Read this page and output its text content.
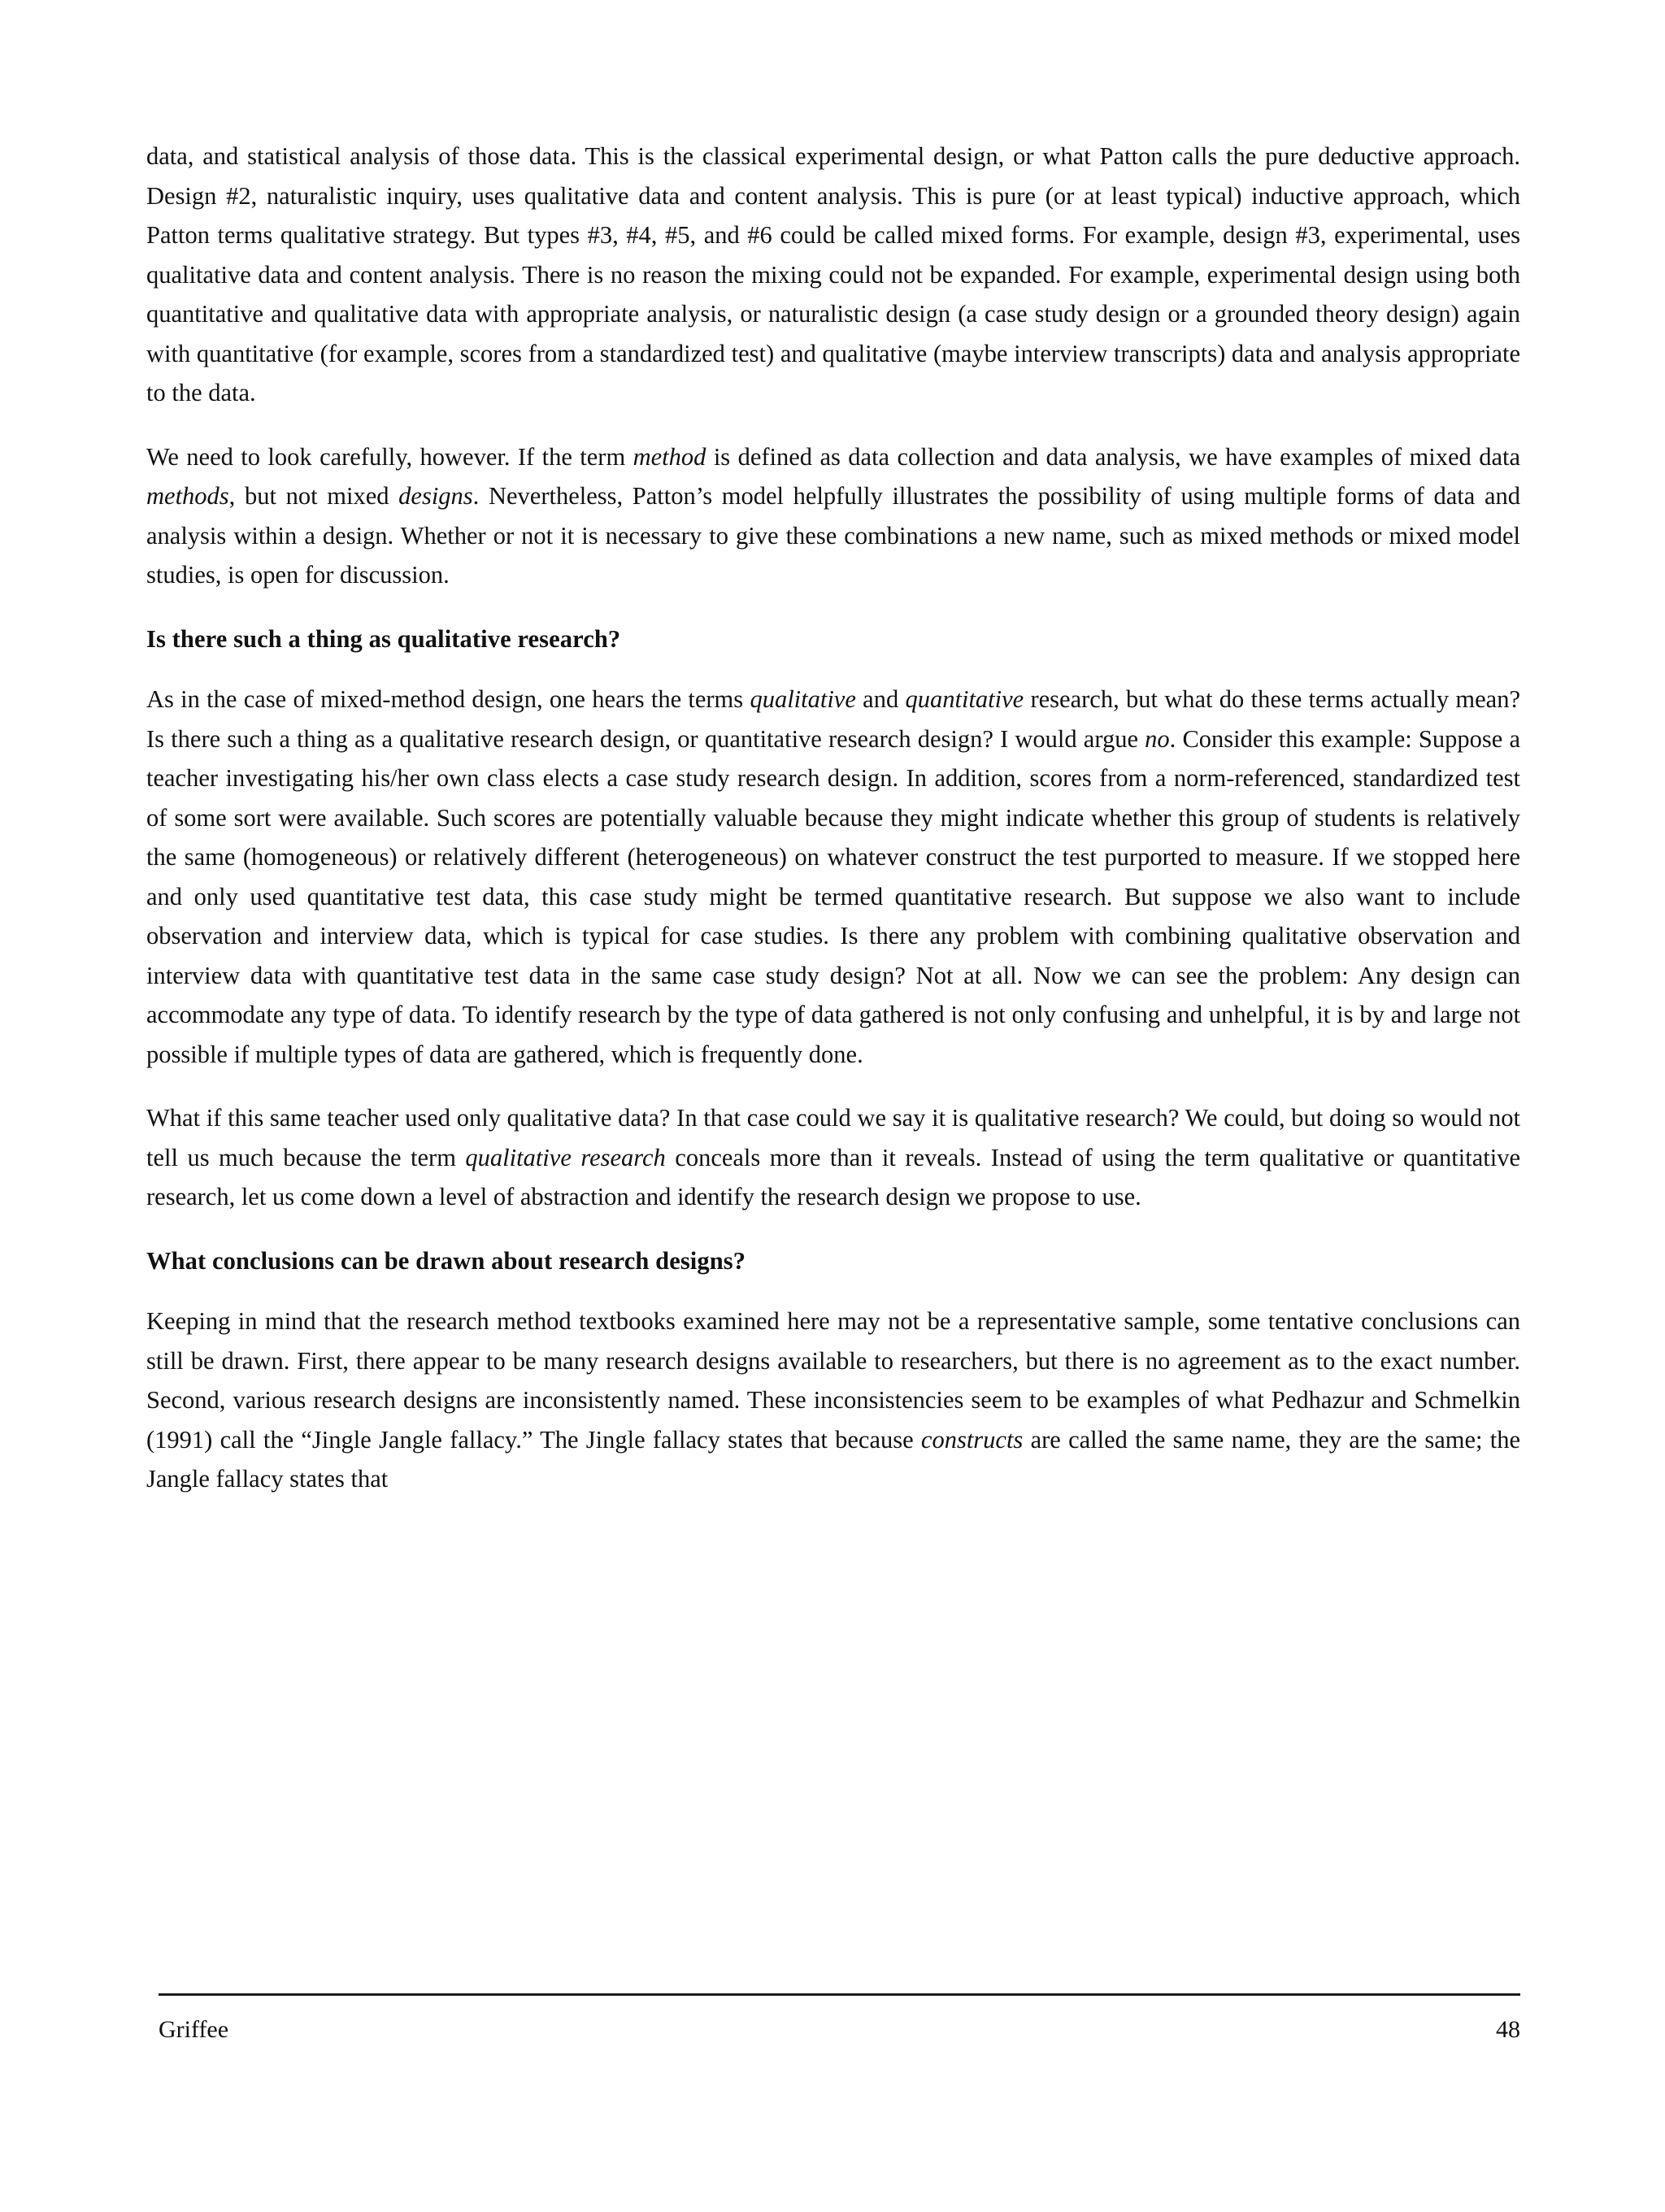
data, and statistical analysis of those data. This is the classical experimental design, or what Patton calls the pure deductive approach. Design #2, naturalistic inquiry, uses qualitative data and content analysis. This is pure (or at least typical) inductive approach, which Patton terms qualitative strategy. But types #3, #4, #5, and #6 could be called mixed forms. For example, design #3, experimental, uses qualitative data and content analysis. There is no reason the mixing could not be expanded. For example, experimental design using both quantitative and qualitative data with appropriate analysis, or naturalistic design (a case study design or a grounded theory design) again with quantitative (for example, scores from a standardized test) and qualitative (maybe interview transcripts) data and analysis appropriate to the data.

We need to look carefully, however. If the term method is defined as data collection and data analysis, we have examples of mixed data methods, but not mixed designs. Nevertheless, Patton’s model helpfully illustrates the possibility of using multiple forms of data and analysis within a design. Whether or not it is necessary to give these combinations a new name, such as mixed methods or mixed model studies, is open for discussion.

Is there such a thing as qualitative research?

As in the case of mixed-method design, one hears the terms qualitative and quantitative research, but what do these terms actually mean? Is there such a thing as a qualitative research design, or quantitative research design? I would argue no. Consider this example: Suppose a teacher investigating his/her own class elects a case study research design. In addition, scores from a norm-referenced, standardized test of some sort were available. Such scores are potentially valuable because they might indicate whether this group of students is relatively the same (homogeneous) or relatively different (heterogeneous) on whatever construct the test purported to measure. If we stopped here and only used quantitative test data, this case study might be termed quantitative research. But suppose we also want to include observation and interview data, which is typical for case studies. Is there any problem with combining qualitative observation and interview data with quantitative test data in the same case study design? Not at all. Now we can see the problem: Any design can accommodate any type of data. To identify research by the type of data gathered is not only confusing and unhelpful, it is by and large not possible if multiple types of data are gathered, which is frequently done.

What if this same teacher used only qualitative data? In that case could we say it is qualitative research? We could, but doing so would not tell us much because the term qualitative research conceals more than it reveals. Instead of using the term qualitative or quantitative research, let us come down a level of abstraction and identify the research design we propose to use.

What conclusions can be drawn about research designs?

Keeping in mind that the research method textbooks examined here may not be a representative sample, some tentative conclusions can still be drawn. First, there appear to be many research designs available to researchers, but there is no agreement as to the exact number. Second, various research designs are inconsistently named. These inconsistencies seem to be examples of what Pedhazur and Schmelkin (1991) call the “Jingle Jangle fallacy.” The Jingle fallacy states that because constructs are called the same name, they are the same; the Jangle fallacy states that

Griffee	48
